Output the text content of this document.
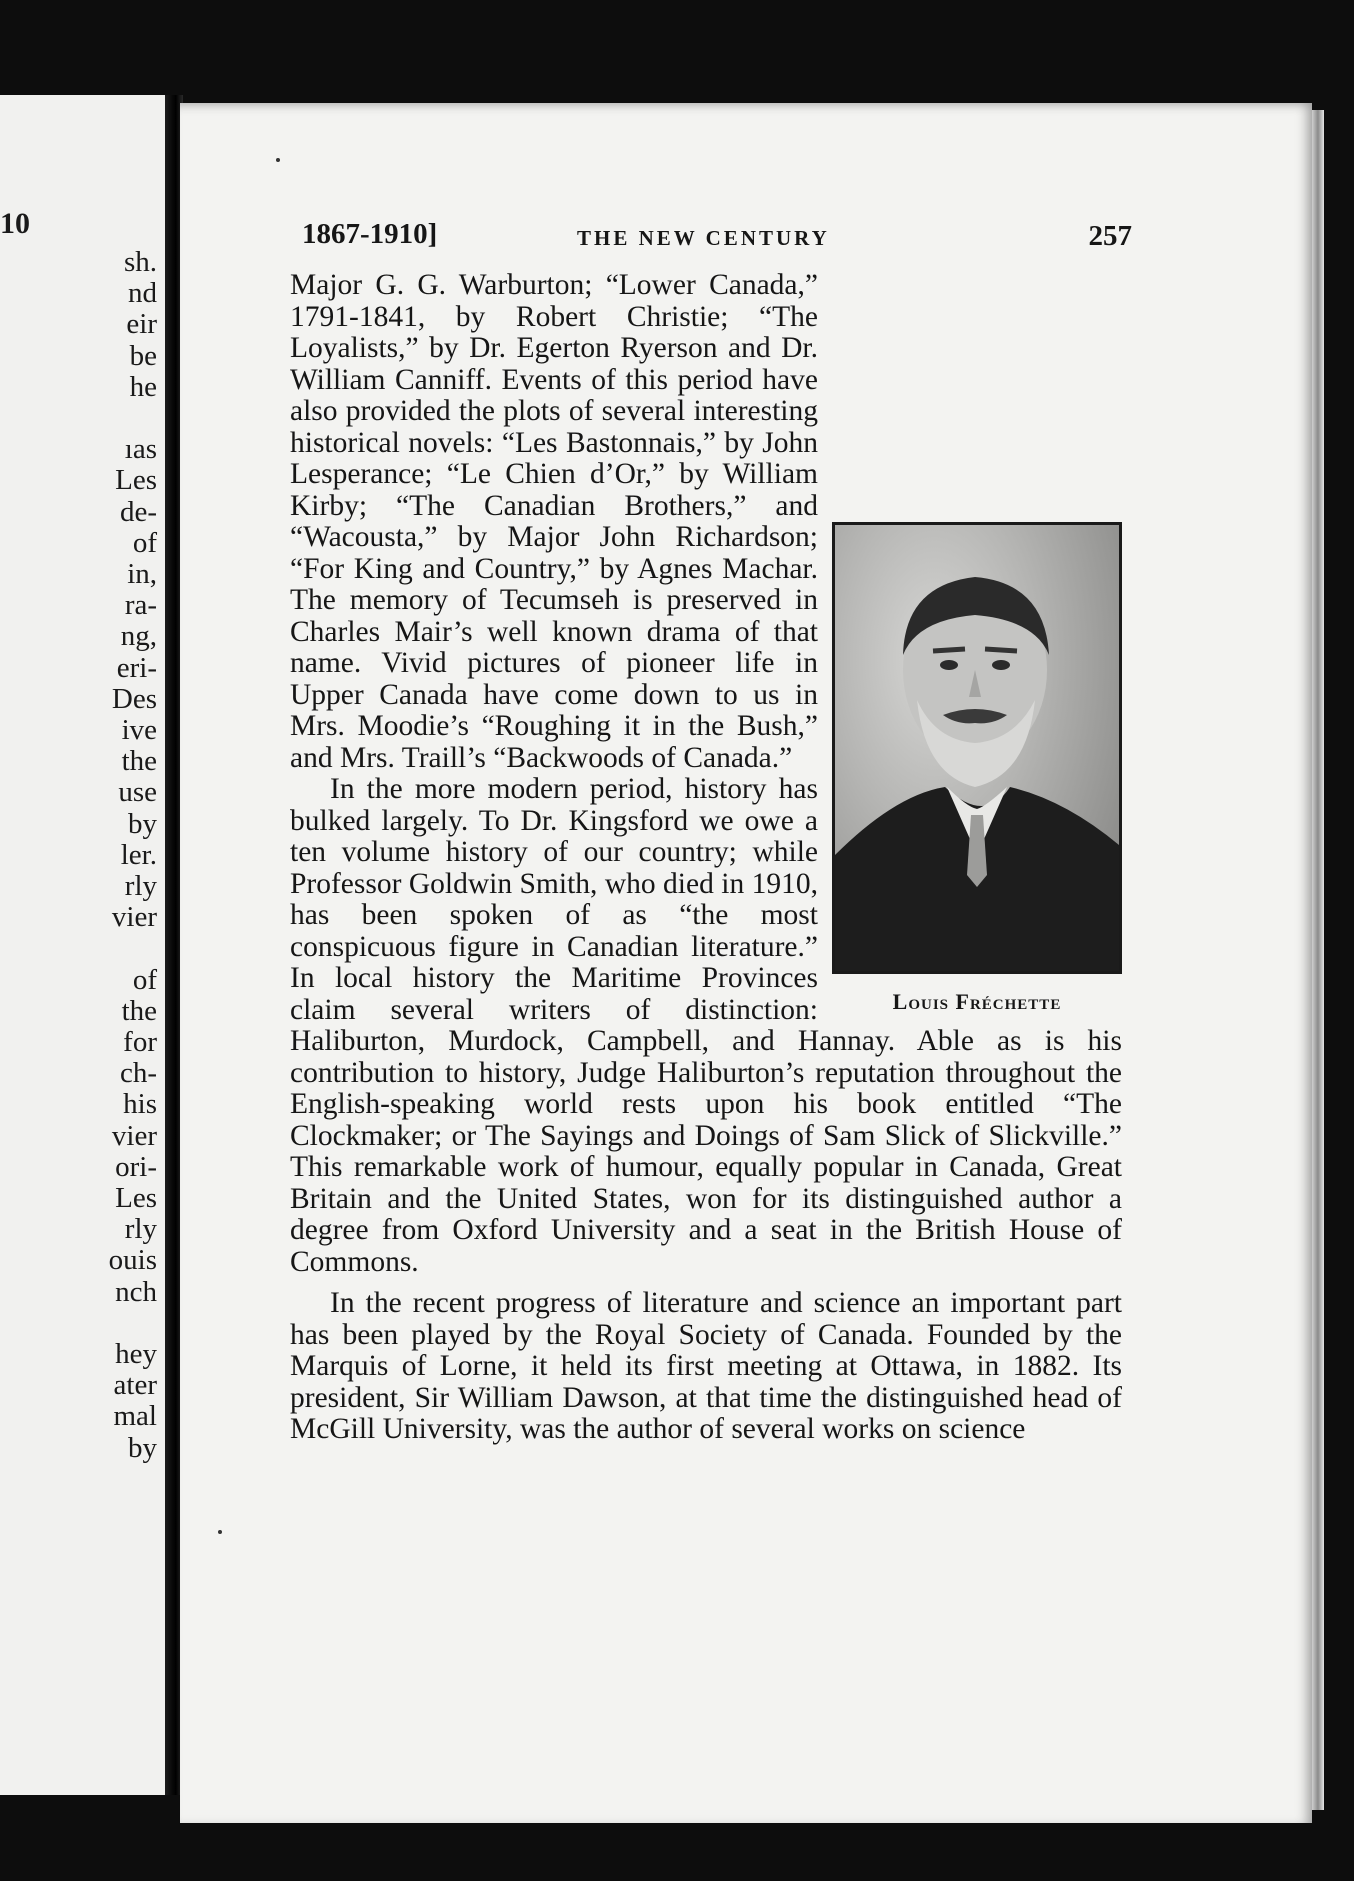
10
sh.
nd
eir
be
he
ıas
Les
de-
of
in,
ra-
ng,
eri-
Des
ive
the
use
by
ler.
rly
vier
of
the
for
ch-
his
vier
ori-
Les
rly
ouis
nch
hey
ater
mal
by
1867-1910]	THE NEW CENTURY	257
Louis Fréchette

Major G. G. Warburton; “Lower Canada,” 1791-1841, by Robert Christie; “The Loyalists,” by Dr. Egerton Ryerson and Dr. William Canniff. Events of this period have also provided the plots of several interesting historical novels: “Les Bastonnais,” by John Lesperance; “Le Chien d’Or,” by William Kirby; “The Canadian Brothers,” and “Wacousta,” by Major John Richardson; “For King and Country,” by Agnes Machar. The memory of Tecumseh is preserved in Charles Mair’s well known drama of that name. Vivid pictures of pioneer life in Upper Canada have come down to us in Mrs. Moodie’s “Roughing it in the Bush,” and Mrs. Traill’s “Backwoods of Canada.”

In the more modern period, history has bulked largely. To Dr. Kingsford we owe a ten volume history of our country; while Professor Goldwin Smith, who died in 1910, has been spoken of as “the most conspicuous figure in Canadian literature.” In local history the Maritime Provinces claim several writers of distinction: Haliburton, Murdock, Campbell, and Hannay. Able as is his contribution to history, Judge Haliburton’s reputation throughout the English-speaking world rests upon his book entitled “The Clockmaker; or The Sayings and Doings of Sam Slick of Slickville.” This remarkable work of humour, equally popular in Canada, Great Britain and the United States, won for its distinguished author a degree from Oxford University and a seat in the British House of Commons.

In the recent progress of literature and science an important part has been played by the Royal Society of Canada. Founded by the Marquis of Lorne, it held its first meeting at Ottawa, in 1882. Its president, Sir William Dawson, at that time the distinguished head of McGill University, was the author of several works on science
